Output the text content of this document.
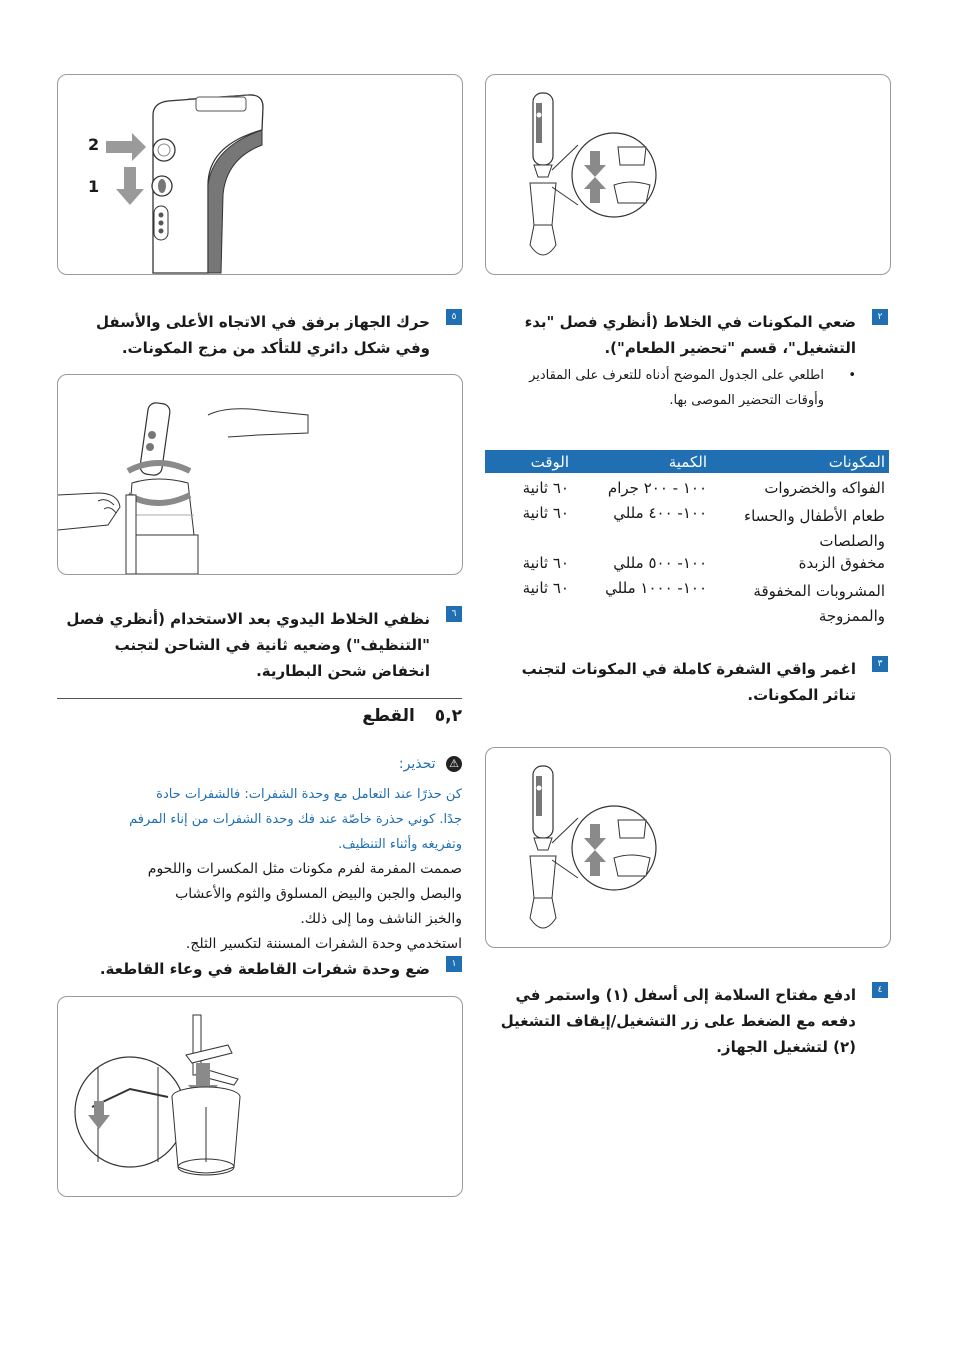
2
1
٥
حرك الجهاز برفق في الاتجاه الأعلى والأسفل وفي شكل دائري للتأكد من مزج المكونات.
٦
نظفي الخلاط اليدوي بعد الاستخدام (أنظري فصل "التنظيف") وضعيه ثانية في الشاحن لتجنب انخفاض شحن البطارية.
٥,٢ القطع
⚠ تحذير:
كن حذرًا عند التعامل مع وحدة الشفرات: فالشفرات حادة
جدًا. كوني حذرة خاصّة عند فك وحدة الشفرات من إناء المرفم
وتفريغه وأثناء التنظيف.
صممت المفرمة لفرم مكونات مثل المكسرات واللحوم
والبصل والجبن والبيض المسلوق والثوم والأعشاب
والخبز الناشف وما إلى ذلك.
استخدمي وحدة الشفرات المسننة لتكسير الثلج.
١
ضع وحدة شفرات القاطعة في وعاء القاطعة.
٢
ضعي المكونات في الخلاط (أنظري فصل "بدء التشغيل"، قسم "تحضير الطعام").
•
اطلعي على الجدول الموضح أدناه للتعرف على المقادير وأوقات التحضير الموصى بها.
المكونات	الكمية	الوقت
الفواكه والخضروات	١٠٠ - ٢٠٠ جرام	٦٠ ثانية
طعام الأطفال والحساء والصلصات	١٠٠- ٤٠٠ مللي	٦٠ ثانية
مخفوق الزبدة	١٠٠- ٥٠٠ مللي	٦٠ ثانية
المشروبات المخفوقة والممزوجة	١٠٠- ١٠٠٠ مللي	٦٠ ثانية
٣
اغمر واقي الشفرة كاملة في المكونات لتجنب تناثر المكونات.
٤
ادفع مفتاح السلامة إلى أسفل (١) واستمر في دفعه مع الضغط على زر التشغيل/إيقاف التشغيل (٢) لتشغيل الجهاز.
